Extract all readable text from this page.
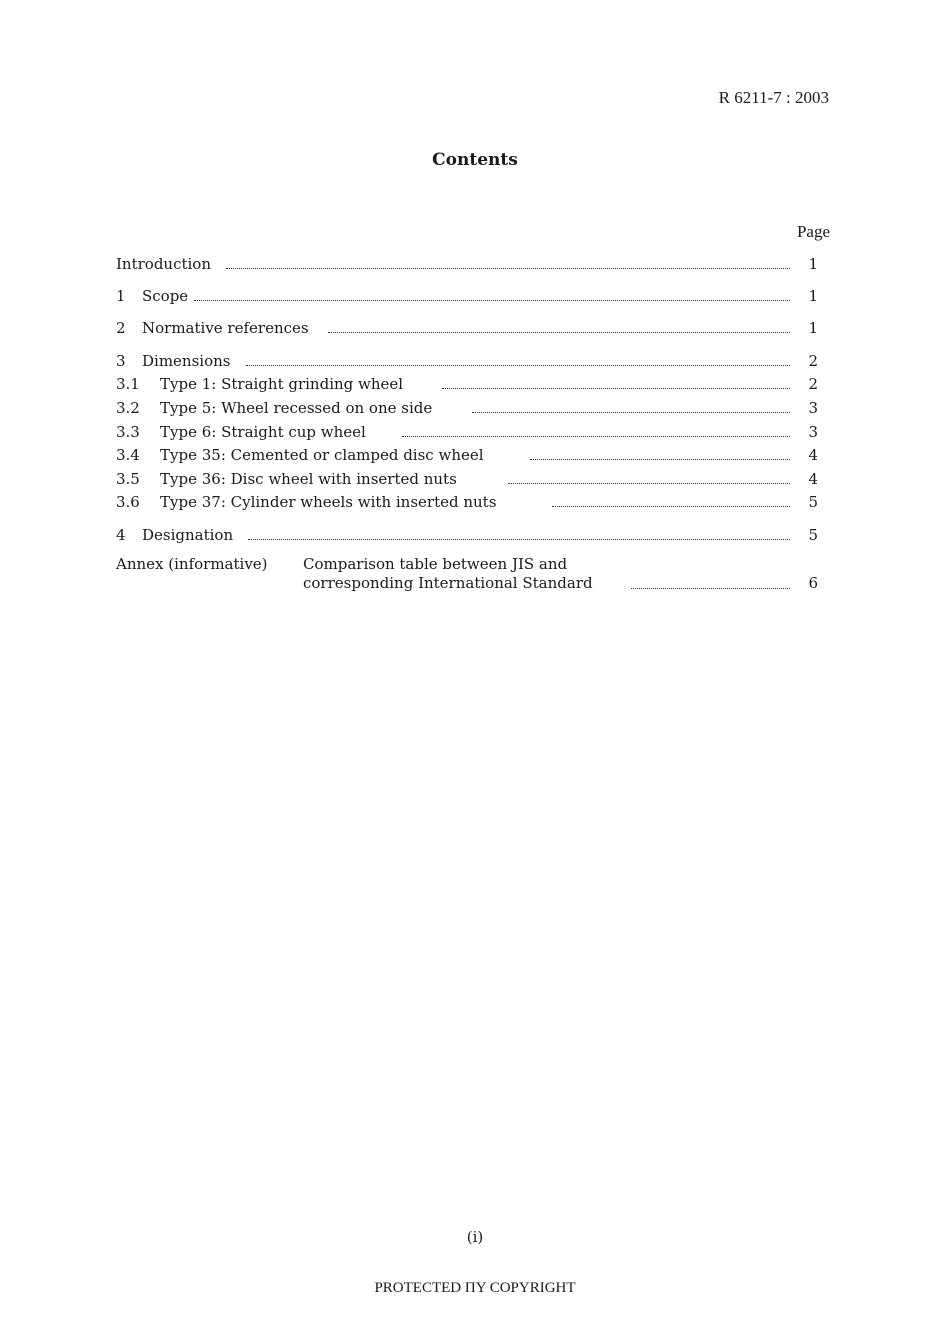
R 6211-7 : 2003
Contents
Page
Introduction	1
1 Scope	1
2 Normative references	1
3 Dimensions	2
3.1 Type 1: Straight grinding wheel	2
3.2 Type 5: Wheel recessed on one side	3
3.3 Type 6: Straight cup wheel	3
3.4 Type 35: Cemented or clamped disc wheel	4
3.5 Type 36: Disc wheel with inserted nuts	4
3.6 Type 37: Cylinder wheels with inserted nuts	5
4 Designation	5
Annex (informative) Comparison table between JIS and
corresponding International Standard	6
(i)
PROTECTED ΠY COPYRIGHT
